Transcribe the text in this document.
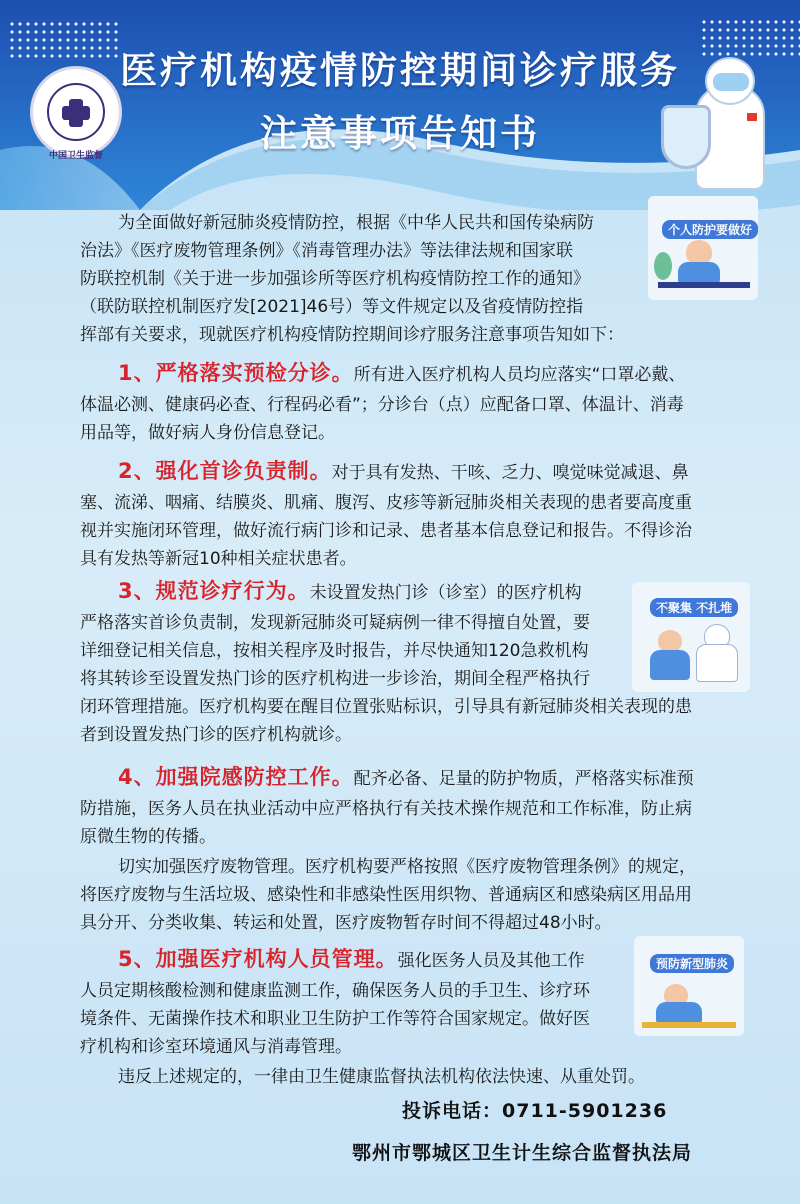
中国卫生监督
医疗机构疫情防控期间诊疗服务
注意事项告知书
为全面做好新冠肺炎疫情防控，根据《中华人民共和国传染病防
治法》《医疗废物管理条例》《消毒管理办法》等法律法规和国家联
防联控机制《关于进一步加强诊所等医疗机构疫情防控工作的通知》
（联防联控机制医疗发[2021]46号）等文件规定以及省疫情防控指
挥部有关要求，现就医疗机构疫情防控期间诊疗服务注意事项告知如下：
1、严格落实预检分诊。所有进入医疗机构人员均应落实“口罩必戴、
体温必测、健康码必查、行程码必看”；分诊台（点）应配备口罩、体温计、消毒
用品等，做好病人身份信息登记。
2、强化首诊负责制。对于具有发热、干咳、乏力、嗅觉味觉减退、鼻
塞、流涕、咽痛、结膜炎、肌痛、腹泻、皮疹等新冠肺炎相关表现的患者要高度重
视并实施闭环管理，做好流行病门诊和记录、患者基本信息登记和报告。不得诊治
具有发热等新冠10种相关症状患者。
3、规范诊疗行为。未设置发热门诊（诊室）的医疗机构
严格落实首诊负责制，发现新冠肺炎可疑病例一律不得擅自处置，要
详细登记相关信息，按相关程序及时报告，并尽快通知120急救机构
将其转诊至设置发热门诊的医疗机构进一步诊治，期间全程严格执行
闭环管理措施。医疗机构要在醒目位置张贴标识，引导具有新冠肺炎相关表现的患
者到设置发热门诊的医疗机构就诊。
4、加强院感防控工作。配齐必备、足量的防护物质，严格落实标准预
防措施，医务人员在执业活动中应严格执行有关技术操作规范和工作标准，防止病
原微生物的传播。
切实加强医疗废物管理。医疗机构要严格按照《医疗废物管理条例》的规定，
将医疗废物与生活垃圾、感染性和非感染性医用织物、普通病区和感染病区用品用
具分开、分类收集、转运和处置，医疗废物暂存时间不得超过48小时。
5、加强医疗机构人员管理。强化医务人员及其他工作
人员定期核酸检测和健康监测工作，确保医务人员的手卫生、诊疗环
境条件、无菌操作技术和职业卫生防护工作等符合国家规定。做好医
疗机构和诊室环境通风与消毒管理。
违反上述规定的，一律由卫生健康监督执法机构依法快速、从重处罚。
投诉电话：0711-5901236
鄂州市鄂城区卫生计生综合监督执法局
个人防护要做好
不聚集 不扎堆
预防新型肺炎
